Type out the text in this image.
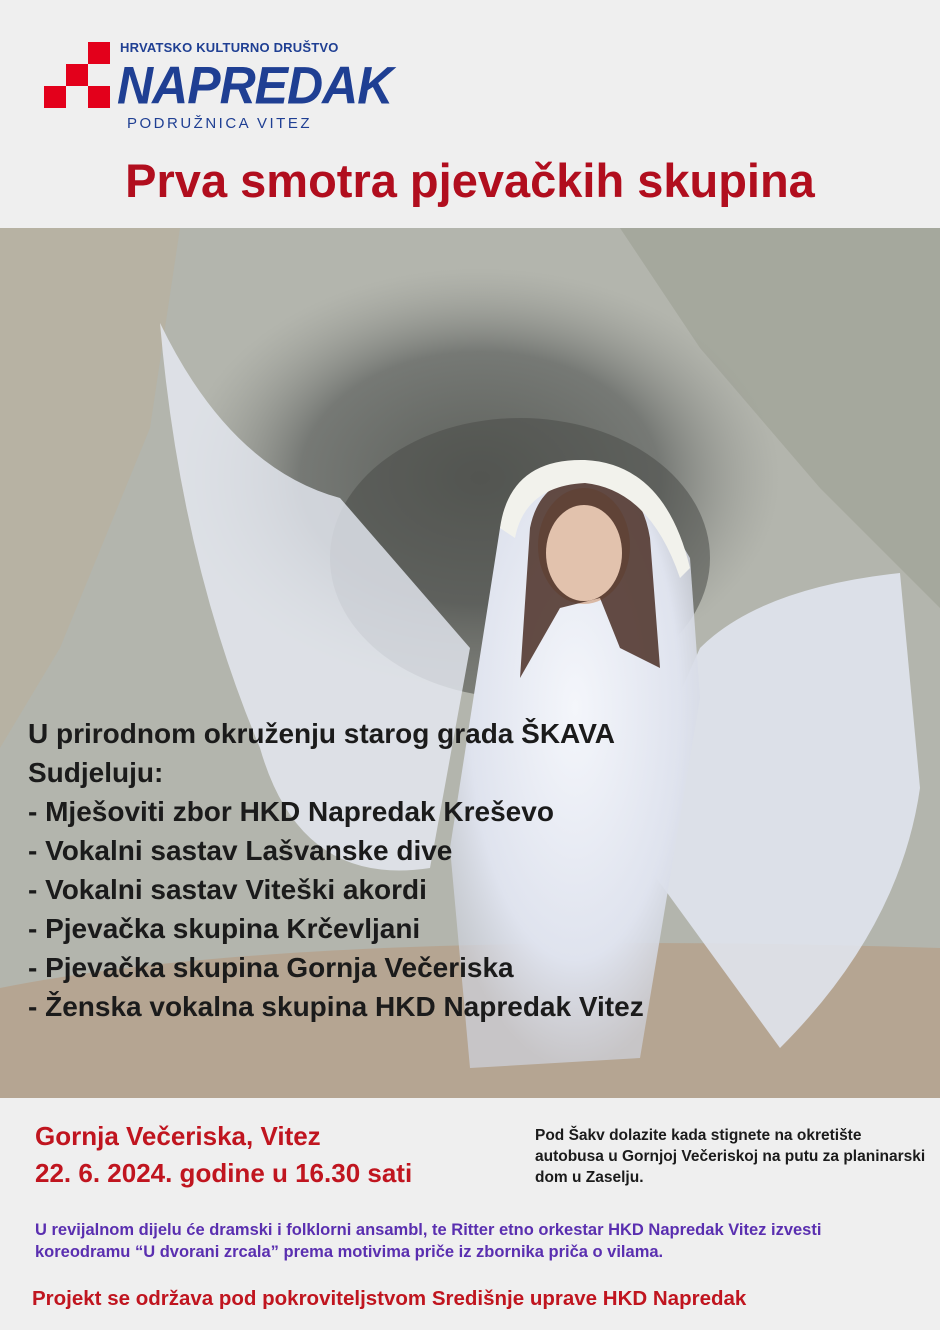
HRVATSKO KULTURNO DRUŠTVO
NAPREDAK
PODRUŽNICA VITEZ
Prva smotra pjevačkih skupina
U prirodnom okruženju starog grada ŠKAVA
Sudjeluju:
- Mješoviti zbor HKD Napredak Kreševo
- Vokalni sastav Lašvanske dive
- Vokalni sastav Viteški akordi
- Pjevačka skupina Krčevljani
- Pjevačka skupina Gornja Večeriska
- Ženska vokalna skupina HKD Napredak Vitez
Gornja Večeriska, Vitez
22. 6. 2024. godine u 16.30 sati
Pod Šakv dolazite kada stignete na okretište autobusa u Gornjoj Večeriskoj na putu za planinarski dom u Zaselju.
U revijalnom dijelu će dramski i folklorni ansambl, te Ritter etno orkestar HKD Napredak Vitez izvesti koreodramu “U dvorani zrcala” prema motivima priče iz zbornika priča o vilama.
Projekt se održava pod pokroviteljstvom Središnje uprave HKD Napredak
